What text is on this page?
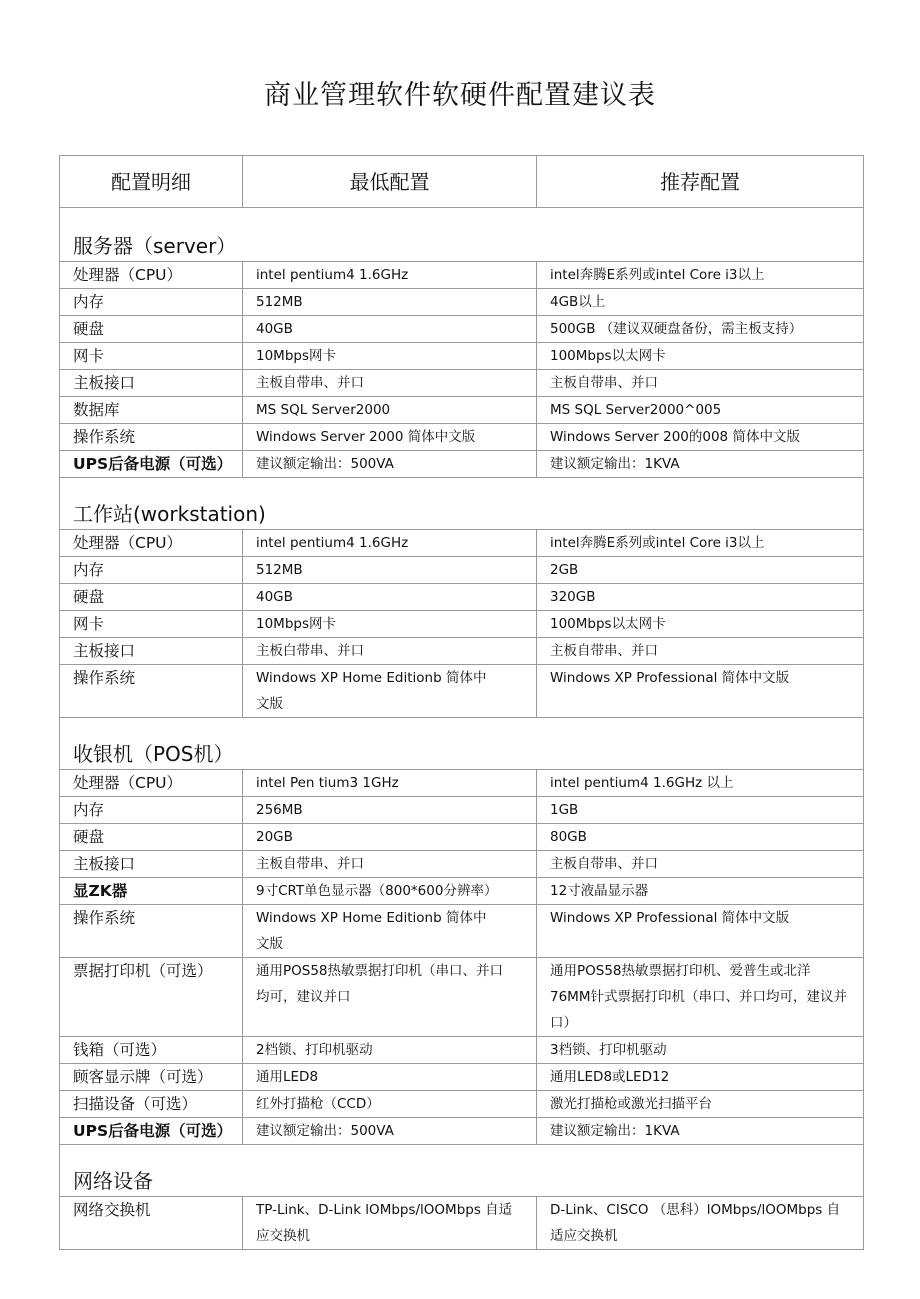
商业管理软件软硬件配置建议表
配置明细	最低配置	推荐配置
服务器（server）		
处理器（CPU）	intel pentium4 1.6GHz	intel奔腾E系列或intel Core i3以上
内存	512MB	4GB以上
硬盘	40GB	500GB （建议双硬盘备份，需主板支持）
网卡	10Mbps网卡	100Mbps以太网卡
主板接口	主板自带串、并口	主板自带串、并口
数据库	MS SQL Server2000	MS SQL Server2000^005
操作系统	Windows Server 2000 简体中文版	Windows Server 200的008 简体中文版
UPS后备电源（可选）	建议额定输出：500VA	建议额定输出：1KVA
工作站(workstation)		
处理器（CPU）	intel pentium4 1.6GHz	intel奔腾E系列或intel Core i3以上
内存	512MB	2GB
硬盘	40GB	320GB
网卡	10Mbps网卡	100Mbps以太网卡
主板接口	主板白带串、并口	主板自带串、并口
操作系统	Windows XP Home Editionb 简体中文版	Windows XP Professional 简体中文版
收银机（POS机）		
处理器（CPU）	intel Pen tium3 1GHz	intel pentium4 1.6GHz 以上
内存	256MB	1GB
硬盘	20GB	80GB
主板接口	主板自带串、并口	主板自带串、并口
显ZK器	9寸CRT单色显示器（800*600分辨率）	12寸液晶显示器
操作系统	Windows XP Home Editionb 简体中文版	Windows XP Professional 简体中文版
票据打印机（可选）	通用POS58热敏票据打印机（串口、并口均可，建议并口	通用POS58热敏票据打印机、爱普生或北洋76MM针式票据打印机（串口、并口均可，建议并口）
钱箱（可选）	2档锁、打印机驱动	3档锁、打印机驱动
顾客显示牌（可选）	通用LED8	通用LED8或LED12
扫描设备（可选）	红外打描枪（CCD）	激光打描枪或激光扫描平台
UPS后备电源（可选）	建议额定输出：500VA	建议额定输出：1KVA
网络设备		
网络交换机	TP-Link、D-Link lOMbps/lOOMbps 自适应交换机	D-Link、CISCO （思科）lOMbps/lOOMbps 自适应交换机
